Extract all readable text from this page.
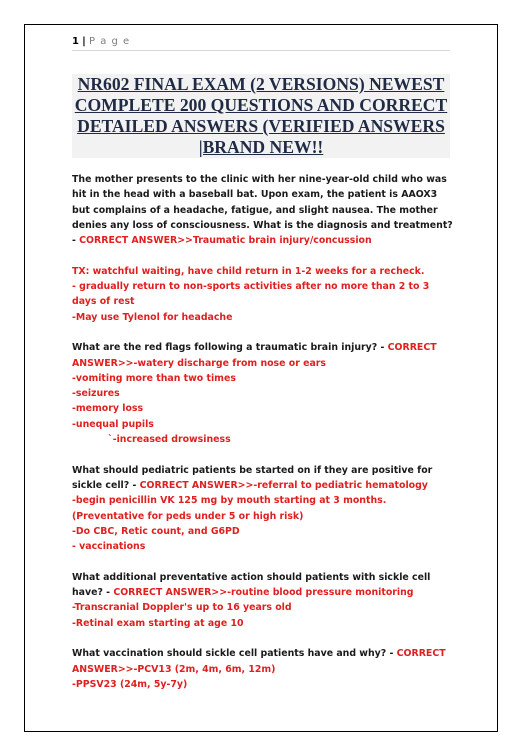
1 | P a g e
NR602 FINAL EXAM (2 VERSIONS) NEWEST COMPLETE 200 QUESTIONS AND CORRECT DETAILED ANSWERS (VERIFIED ANSWERS |BRAND NEW!!

The mother presents to the clinic with her nine-year-old child who was hit in the head with a baseball bat. Upon exam, the patient is AAOX3 but complains of a headache, fatigue, and slight nausea. The mother denies any loss of consciousness. What is the diagnosis and treatment? - CORRECT ANSWER>>Traumatic brain injury/concussion

TX: watchful waiting, have child return in 1-2 weeks for a recheck.

- gradually return to non-sports activities after no more than 2 to 3 days of rest

-May use Tylenol for headache

What are the red flags following a traumatic brain injury? - CORRECT ANSWER>>-watery discharge from nose or ears

-vomiting more than two times

-seizures

-memory loss

-unequal pupils

`-increased drowsiness

What should pediatric patients be started on if they are positive for sickle cell? - CORRECT ANSWER>>-referral to pediatric hematology

-begin penicillin VK 125 mg by mouth starting at 3 months. (Preventative for peds under 5 or high risk)

-Do CBC, Retic count, and G6PD

- vaccinations

What additional preventative action should patients with sickle cell have? - CORRECT ANSWER>>-routine blood pressure monitoring

-Transcranial Doppler's up to 16 years old

-Retinal exam starting at age 10

What vaccination should sickle cell patients have and why? - CORRECT ANSWER>>-PCV13 (2m, 4m, 6m, 12m)

-PPSV23 (24m, 5y-7y)
